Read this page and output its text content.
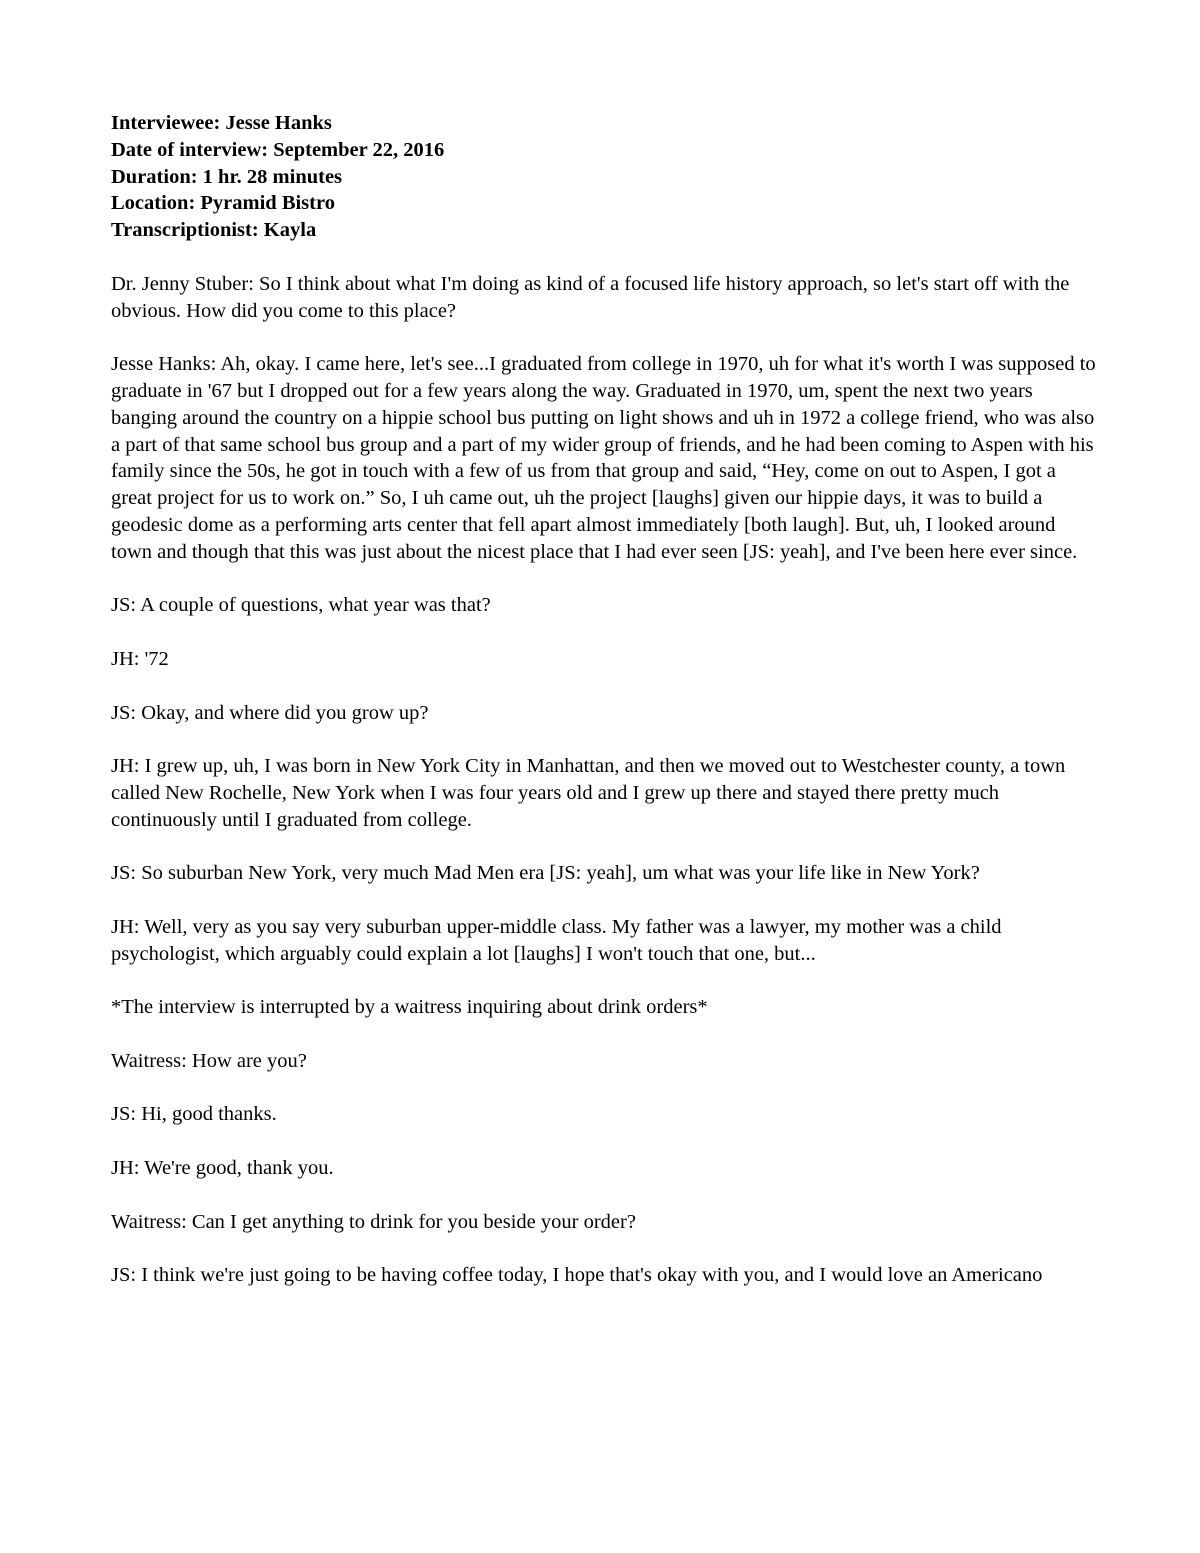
Interviewee: Jesse Hanks
Date of interview: September 22, 2016
Duration: 1 hr. 28 minutes
Location: Pyramid Bistro
Transcriptionist: Kayla

Dr. Jenny Stuber: So I think about what I'm doing as kind of a focused life history approach, so let's start off with the obvious. How did you come to this place?

Jesse Hanks: Ah, okay. I came here, let's see...I graduated from college in 1970, uh for what it's worth I was supposed to graduate in '67 but I dropped out for a few years along the way. Graduated in 1970, um, spent the next two years banging around the country on a hippie school bus putting on light shows and uh in 1972 a college friend, who was also a part of that same school bus group and a part of my wider group of friends, and he had been coming to Aspen with his family since the 50s, he got in touch with a few of us from that group and said, “Hey, come on out to Aspen, I got a great project for us to work on.” So, I uh came out, uh the project [laughs] given our hippie days, it was to build a geodesic dome as a performing arts center that fell apart almost immediately [both laugh]. But, uh, I looked around town and though that this was just about the nicest place that I had ever seen [JS: yeah], and I've been here ever since.

JS: A couple of questions, what year was that?

JH: '72

JS: Okay, and where did you grow up?

JH: I grew up, uh, I was born in New York City in Manhattan, and then we moved out to Westchester county, a town called New Rochelle, New York when I was four years old and I grew up there and stayed there pretty much continuously until I graduated from college.

JS: So suburban New York, very much Mad Men era [JS: yeah], um what was your life like in New York?

JH: Well, very as you say very suburban upper-middle class. My father was a lawyer, my mother was a child psychologist, which arguably could explain a lot [laughs] I won't touch that one, but...

*The interview is interrupted by a waitress inquiring about drink orders*

Waitress: How are you?

JS: Hi, good thanks.

JH: We're good, thank you.

Waitress: Can I get anything to drink for you beside your order?

JS: I think we're just going to be having coffee today, I hope that's okay with you, and I would love an Americano
